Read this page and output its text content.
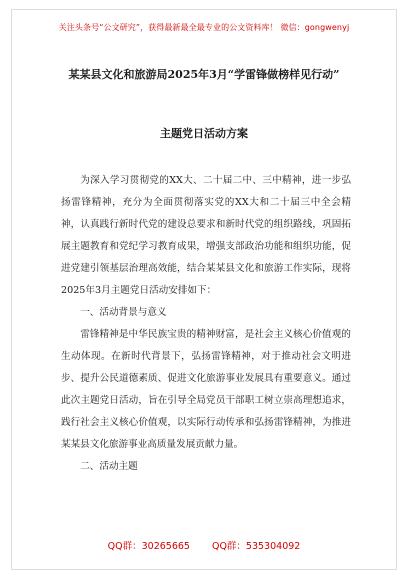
关注头条号“公文研究”，获得最新最全最专业的公文资料库！ 微信：gongwenyj
某某县文化和旅游局2025年3月“学雷锋做榜样见行动”
主题党日活动方案

为深入学习贯彻党的XX大、二十届二中、三中精神，进一步弘扬雷锋精神，充分为全面贯彻落实党的XX大和二十届三中全会精神，认真践行新时代党的建设总要求和新时代党的组织路线，巩固拓展主题教育和党纪学习教育成果，增强支部政治功能和组织功能，促进党建引领基层治理高效能，结合某某县文化和旅游工作实际，现将2025年3月主题党日活动安排如下：

一、活动背景与意义

雷锋精神是中华民族宝贵的精神财富，是社会主义核心价值观的生动体现。在新时代背景下，弘扬雷锋精神，对于推动社会文明进步、提升公民道德素质、促进文化旅游事业发展具有重要意义。通过此次主题党日活动，旨在引导全局党员干部职工树立崇高理想追求，践行社会主义核心价值观，以实际行动传承和弘扬雷锋精神，为推进某某县文化旅游事业高质量发展贡献力量。

二、活动主题
QQ群：30265665 QQ群：535304092
